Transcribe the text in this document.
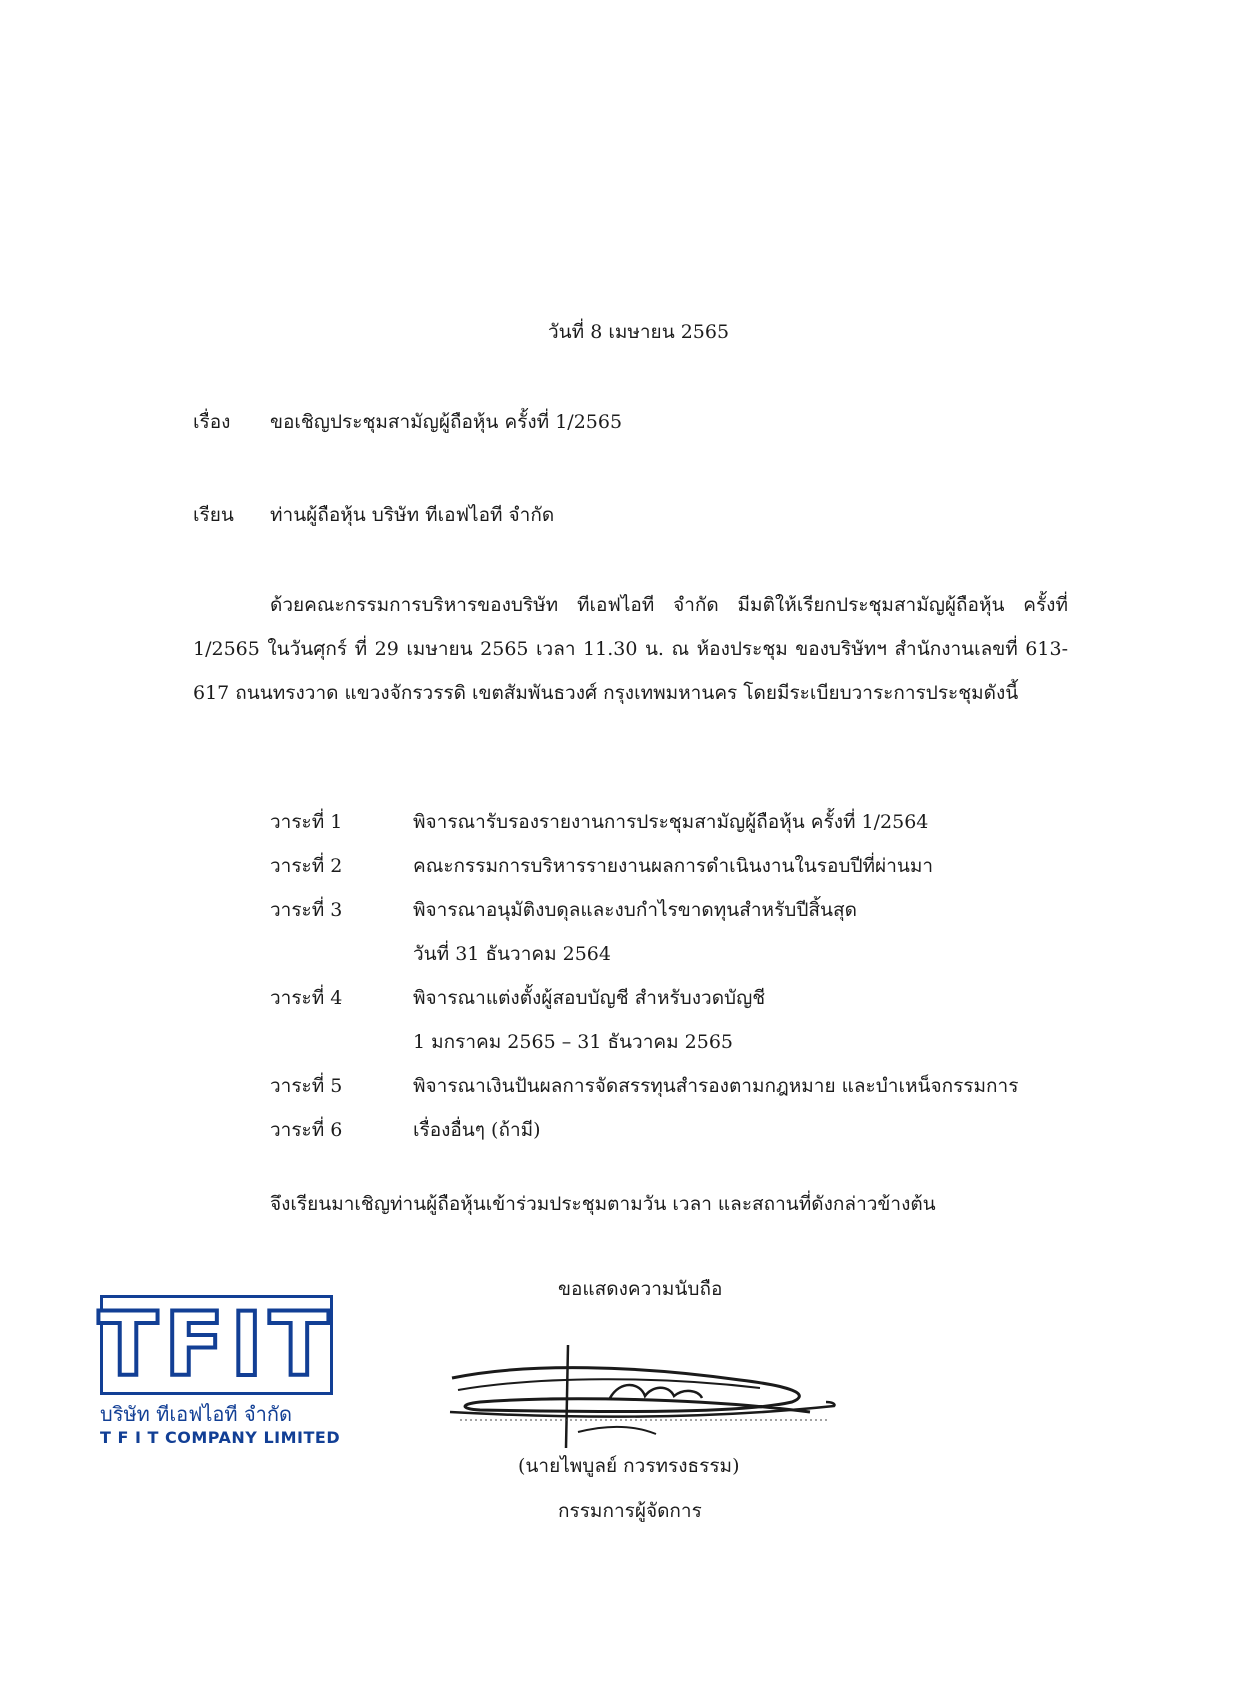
วันที่ 8 เมษายน 2565
เรื่อง ขอเชิญประชุมสามัญผู้ถือหุ้น ครั้งที่ 1/2565
เรียน ท่านผู้ถือหุ้น บริษัท ทีเอฟไอที จำกัด
ด้วยคณะกรรมการบริหารของบริษัท ทีเอฟไอที จำกัด มีมติให้เรียกประชุมสามัญผู้ถือหุ้น ครั้งที่ 1/2565 ในวันศุกร์ ที่ 29 เมษายน 2565 เวลา 11.30 น. ณ ห้องประชุม ของบริษัทฯ สำนักงานเลขที่ 613-617 ถนนทรงวาด แขวงจักรวรรดิ เขตสัมพันธวงศ์ กรุงเทพมหานคร โดยมีระเบียบวาระการประชุมดังนี้
วาระที่ 1	พิจารณารับรองรายงานการประชุมสามัญผู้ถือหุ้น ครั้งที่ 1/2564
วาระที่ 2	คณะกรรมการบริหารรายงานผลการดำเนินงานในรอบปีที่ผ่านมา
วาระที่ 3	พิจารณาอนุมัติงบดุลและงบกำไรขาดทุนสำหรับปีสิ้นสุด
วันที่ 31 ธันวาคม 2564
วาระที่ 4	พิจารณาแต่งตั้งผู้สอบบัญชี สำหรับงวดบัญชี
1 มกราคม 2565 – 31 ธันวาคม 2565
วาระที่ 5	พิจารณาเงินปันผลการจัดสรรทุนสำรองตามกฎหมาย และบำเหน็จกรรมการ
วาระที่ 6	เรื่องอื่นๆ (ถ้ามี)
จึงเรียนมาเชิญท่านผู้ถือหุ้นเข้าร่วมประชุมตามวัน เวลา และสถานที่ดังกล่าวข้างต้น
ขอแสดงความนับถือ
(นายไพบูลย์ กวรทรงธรรม)
กรรมการผู้จัดการ
TFIT
บริษัท ทีเอฟไอที จำกัด
T F I T COMPANY LIMITED
